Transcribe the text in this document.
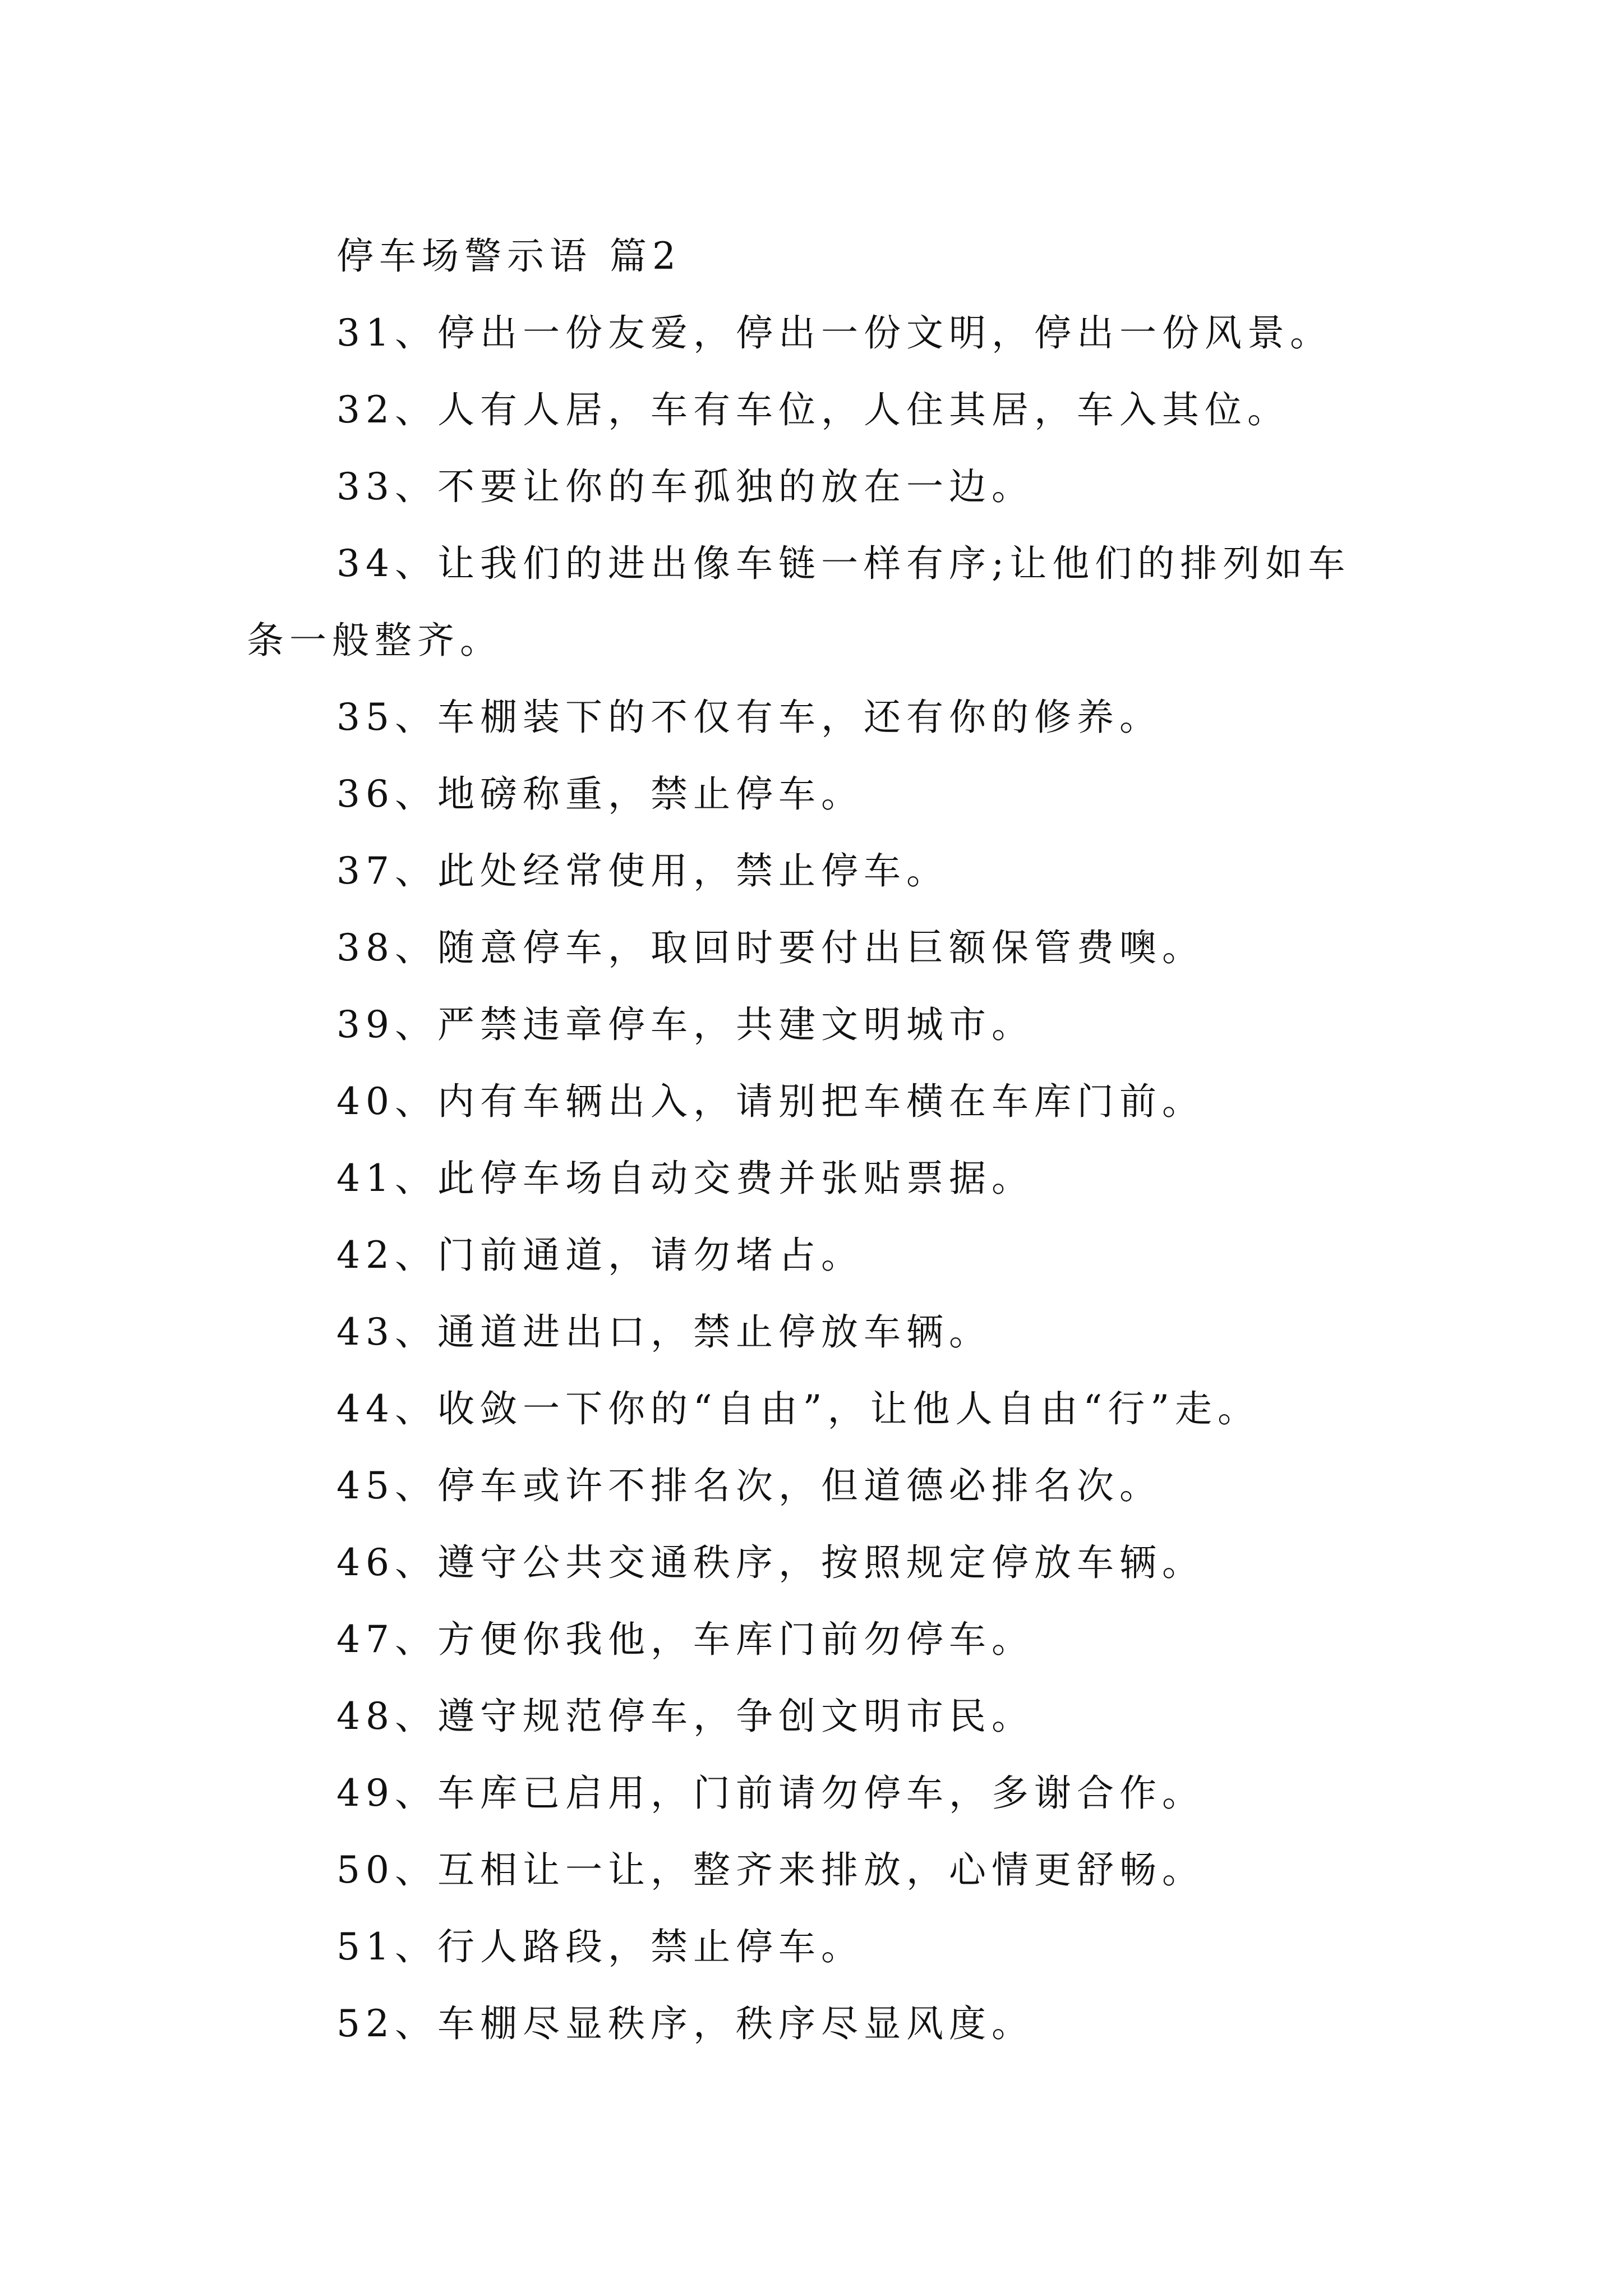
停车场警示语 篇2
31、停出一份友爱，停出一份文明，停出一份风景。
32、人有人居，车有车位，人住其居，车入其位。
33、不要让你的车孤独的放在一边。
34、让我们的进出像车链一样有序;让他们的排列如车条一般整齐。
35、车棚装下的不仅有车，还有你的修养。
36、地磅称重，禁止停车。
37、此处经常使用，禁止停车。
38、随意停车，取回时要付出巨额保管费噢。
39、严禁违章停车，共建文明城市。
40、内有车辆出入，请别把车横在车库门前。
41、此停车场自动交费并张贴票据。
42、门前通道，请勿堵占。
43、通道进出口，禁止停放车辆。
44、收敛一下你的“自由”，让他人自由“行”走。
45、停车或许不排名次，但道德必排名次。
46、遵守公共交通秩序，按照规定停放车辆。
47、方便你我他，车库门前勿停车。
48、遵守规范停车，争创文明市民。
49、车库已启用，门前请勿停车，多谢合作。
50、互相让一让，整齐来排放，心情更舒畅。
51、行人路段，禁止停车。
52、车棚尽显秩序，秩序尽显风度。
